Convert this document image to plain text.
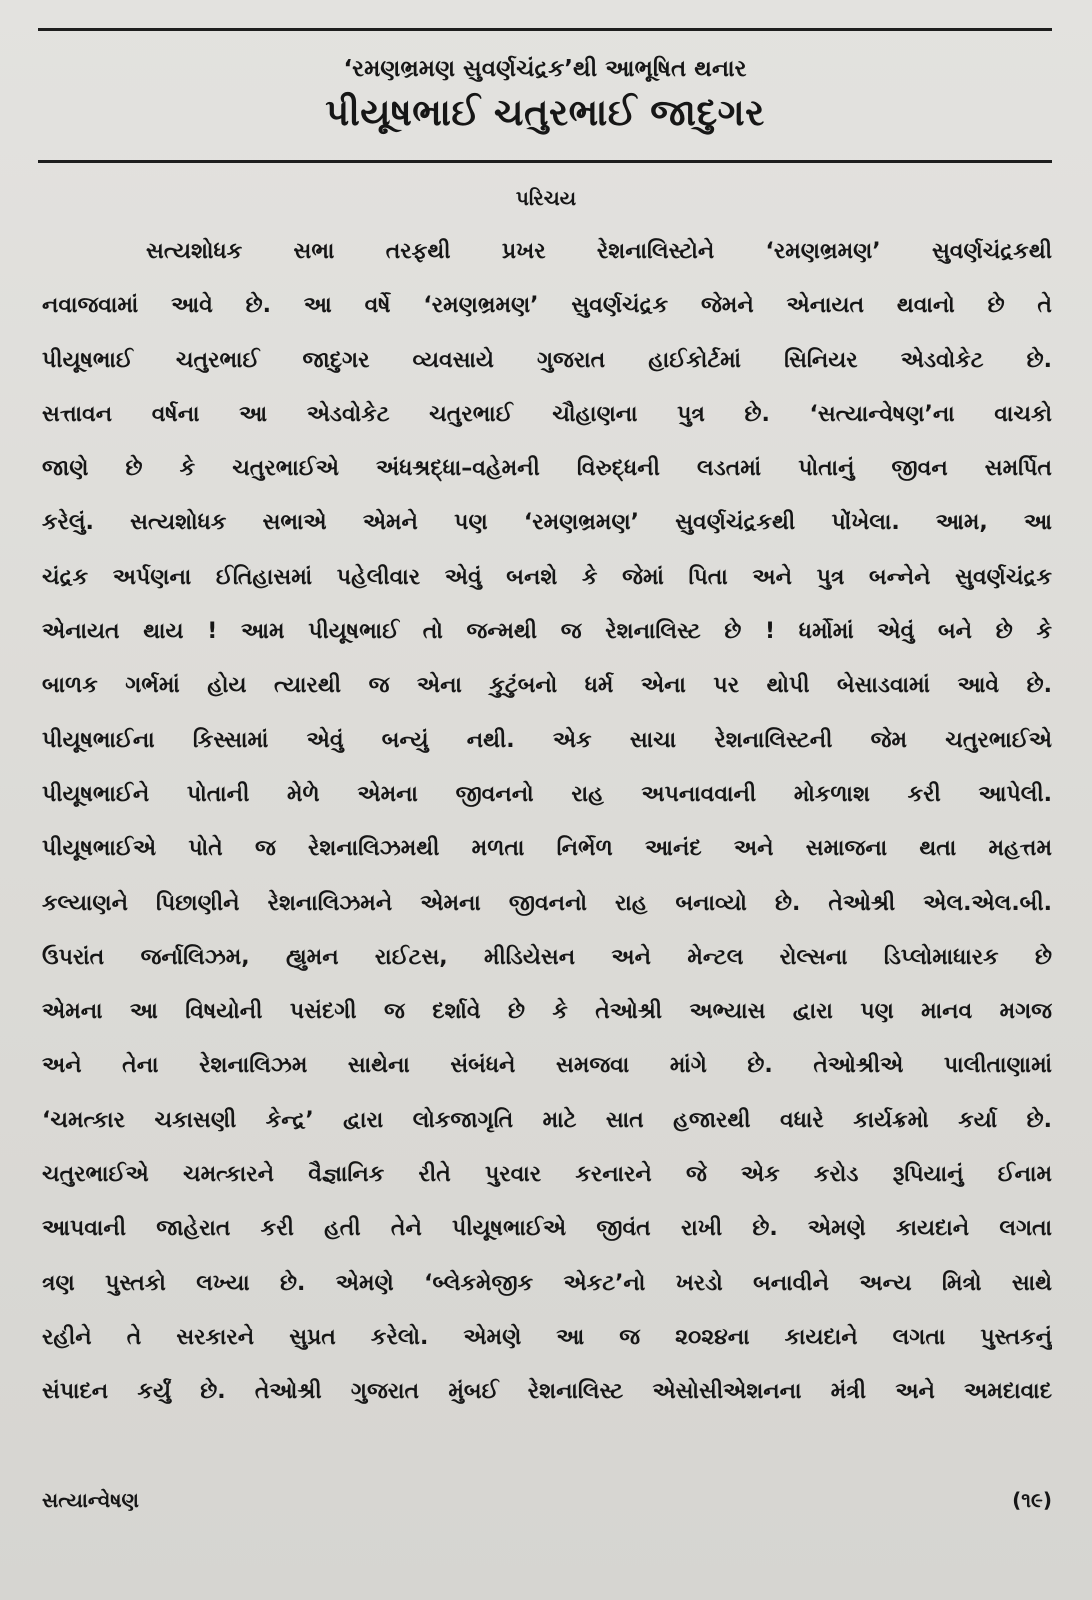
‘રમણભ્રમણ સુવર્ણચંદ્રક’થી આભૂષિત થનાર
પીયૂષભાઈ ચતુરભાઈ જાદુગર
પરિચય
સત્યશોધક સભા તરફથી પ્રખર રેશનાલિસ્ટોને ‘રમણભ્રમણ’ સુવર્ણચંદ્રકથી
નવાજવામાં આવે છે. આ વર્ષે ‘રમણભ્રમણ’ સુવર્ણચંદ્રક જેમને એનાયત થવાનો છે તે
પીયૂષભાઈ ચતુરભાઈ જાદુગર વ્યવસાયે ગુજરાત હાઈકોર્ટમાં સિનિયર એડવોકેટ છે.
સત્તાવન વર્ષના આ એડવોકેટ ચતુરભાઈ ચૌહાણના પુત્ર છે. ‘સત્યાન્વેષણ’ના વાચકો
જાણે છે કે ચતુરભાઈએ અંધશ્રદ્ધા–વહેમની વિરુદ્ધની લડતમાં પોતાનું જીવન સમર્પિત
કરેલું. સત્યશોધક સભાએ એમને પણ ‘રમણભ્રમણ’ સુવર્ણચંદ્રકથી પોંખેલા. આમ, આ
ચંદ્રક અર્પણના ઈતિહાસમાં પહેલીવાર એવું બનશે કે જેમાં પિતા અને પુત્ર બન્નેને સુવર્ણચંદ્રક
એનાયત થાય ! આમ પીયૂષભાઈ તો જન્મથી જ રેશનાલિસ્ટ છે ! ધર્મોમાં એવું બને છે કે
બાળક ગર્ભમાં હોય ત્યારથી જ એના કુટુંબનો ધર્મ એના પર થોપી બેસાડવામાં આવે છે.
પીયૂષભાઈના કિસ્સામાં એવું બન્યું નથી. એક સાચા રેશનાલિસ્ટની જેમ ચતુરભાઈએ
પીયૂષભાઈને પોતાની મેળે એમના જીવનનો રાહ અપનાવવાની મોકળાશ કરી આપેલી.
પીયૂષભાઈએ પોતે જ રેશનાલિઝમથી મળતા નિર્ભેળ આનંદ અને સમાજના થતા મહત્તમ
કલ્યાણને પિછાણીને રેશનાલિઝમને એમના જીવનનો રાહ બનાવ્યો છે. તેઓશ્રી એલ.એલ.બી.
ઉપરાંત જર્નાલિઝમ, હ્યુમન રાઈટસ, મીડિયેસન અને મેન્ટલ રોલ્સના ડિપ્લોમાધારક છે
એમના આ વિષયોની પસંદગી જ દર્શાવે છે કે તેઓશ્રી અભ્યાસ દ્વારા પણ માનવ મગજ
અને તેના રેશનાલિઝમ સાથેના સંબંધને સમજવા માંગે છે. તેઓશ્રીએ પાલીતાણામાં
‘ચમત્કાર ચકાસણી કેન્દ્ર’ દ્વારા લોકજાગૃતિ માટે સાત હજારથી વધારે કાર્યક્રમો કર્યા છે.
ચતુરભાઈએ ચમત્કારને વૈજ્ઞાનિક રીતે પુરવાર કરનારને જે એક કરોડ રૂપિયાનું ઈનામ
આપવાની જાહેરાત કરી હતી તેને પીયૂષભાઈએ જીવંત રાખી છે. એમણે કાયદાને લગતા
ત્રણ પુસ્તકો લખ્યા છે. એમણે ‘બ્લેકમેજીક એકટ’નો ખરડો બનાવીને અન્ય મિત્રો સાથે
રહીને તે સરકારને સુપ્રત કરેલો. એમણે આ જ ૨૦૨૪ના કાયદાને લગતા પુસ્તકનું
સંપાદન કર્યું છે. તેઓશ્રી ગુજરાત મુંબઈ રેશનાલિસ્ટ એસોસીએશનના મંત્રી અને અમદાવાદ
સત્યાન્વેષણ	(૧૯)
